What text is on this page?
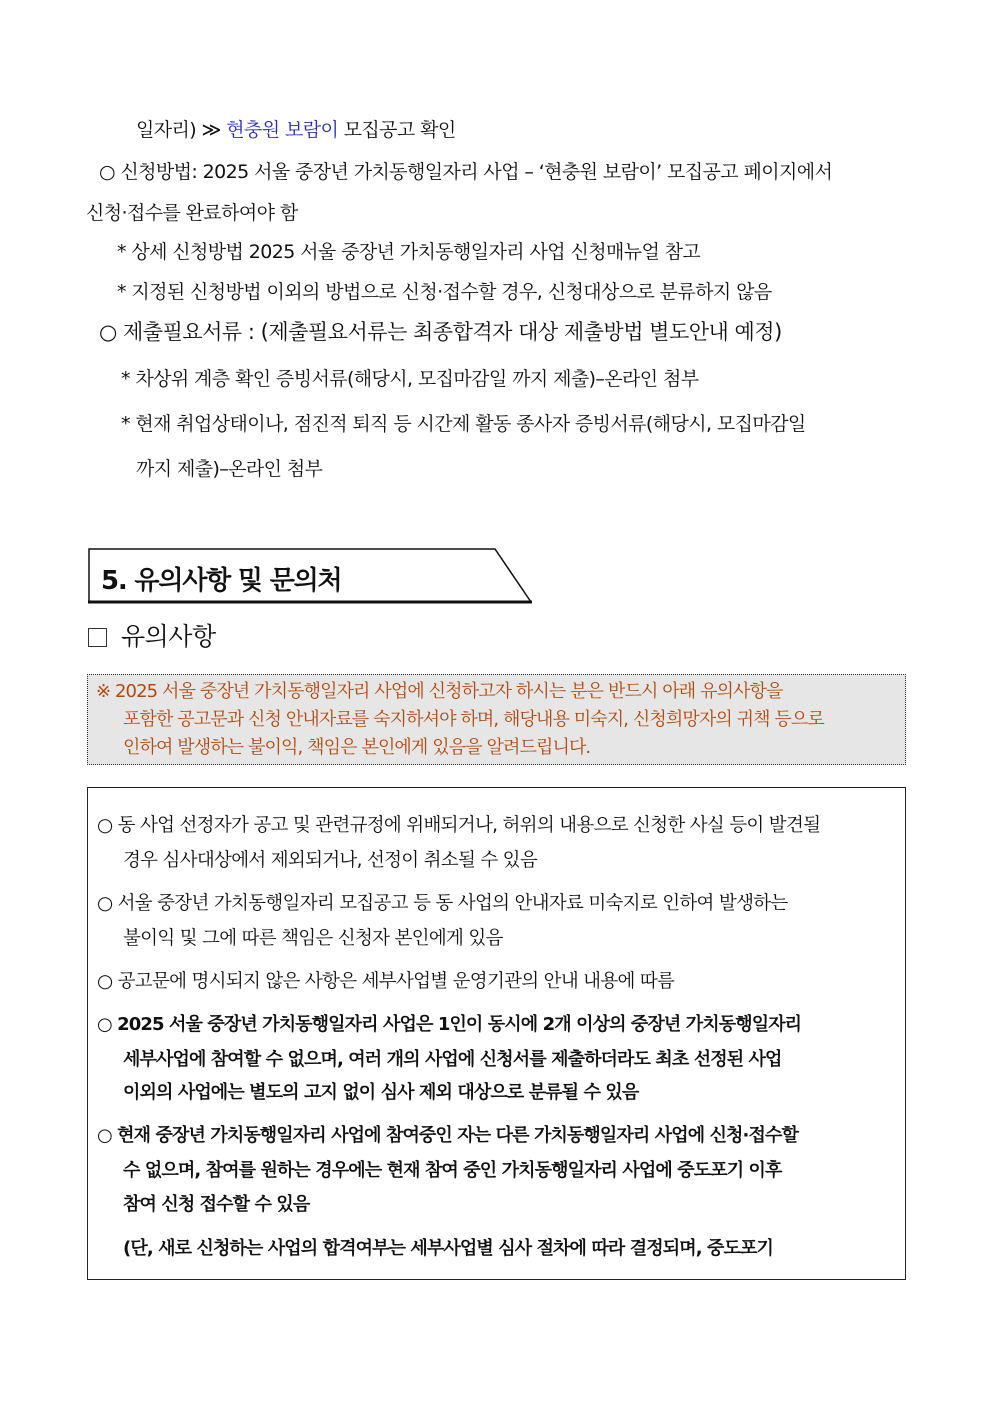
일자리) ≫ 현충원 보람이 모집공고 확인
○ 신청방법: 2025 서울 중장년 가치동행일자리 사업 – ‘현충원 보람이’ 모집공고 페이지에서
신청·접수를 완료하여야 함
* 상세 신청방법 2025 서울 중장년 가치동행일자리 사업 신청매뉴얼 참고
* 지정된 신청방법 이외의 방법으로 신청·접수할 경우, 신청대상으로 분류하지 않음
○ 제출필요서류 : (제출필요서류는 최종합격자 대상 제출방법 별도안내 예정)
* 차상위 계층 확인 증빙서류(해당시, 모집마감일 까지 제출)–온라인 첨부
* 현재 취업상태이나, 점진적 퇴직 등 시간제 활동 종사자 증빙서류(해당시, 모집마감일
까지 제출)–온라인 첨부
5. 유의사항 및 문의처
유의사항
※ 2025 서울 중장년 가치동행일자리 사업에 신청하고자 하시는 분은 반드시 아래 유의사항을
포함한 공고문과 신청 안내자료를 숙지하셔야 하며, 해당내용 미숙지, 신청희망자의 귀책 등으로
인하여 발생하는 불이익, 책임은 본인에게 있음을 알려드립니다.
○ 동 사업 선정자가 공고 및 관련규정에 위배되거나, 허위의 내용으로 신청한 사실 등이 발견될
경우 심사대상에서 제외되거나, 선정이 취소될 수 있음
○ 서울 중장년 가치동행일자리 모집공고 등 동 사업의 안내자료 미숙지로 인하여 발생하는
불이익 및 그에 따른 책임은 신청자 본인에게 있음
○ 공고문에 명시되지 않은 사항은 세부사업별 운영기관의 안내 내용에 따름
○ 2025 서울 중장년 가치동행일자리 사업은 1인이 동시에 2개 이상의 중장년 가치동행일자리
세부사업에 참여할 수 없으며, 여러 개의 사업에 신청서를 제출하더라도 최초 선정된 사업
이외의 사업에는 별도의 고지 없이 심사 제외 대상으로 분류될 수 있음
○ 현재 중장년 가치동행일자리 사업에 참여중인 자는 다른 가치동행일자리 사업에 신청·접수할
수 없으며, 참여를 원하는 경우에는 현재 참여 중인 가치동행일자리 사업에 중도포기 이후
참여 신청 접수할 수 있음
(단, 새로 신청하는 사업의 합격여부는 세부사업별 심사 절차에 따라 결정되며, 중도포기
